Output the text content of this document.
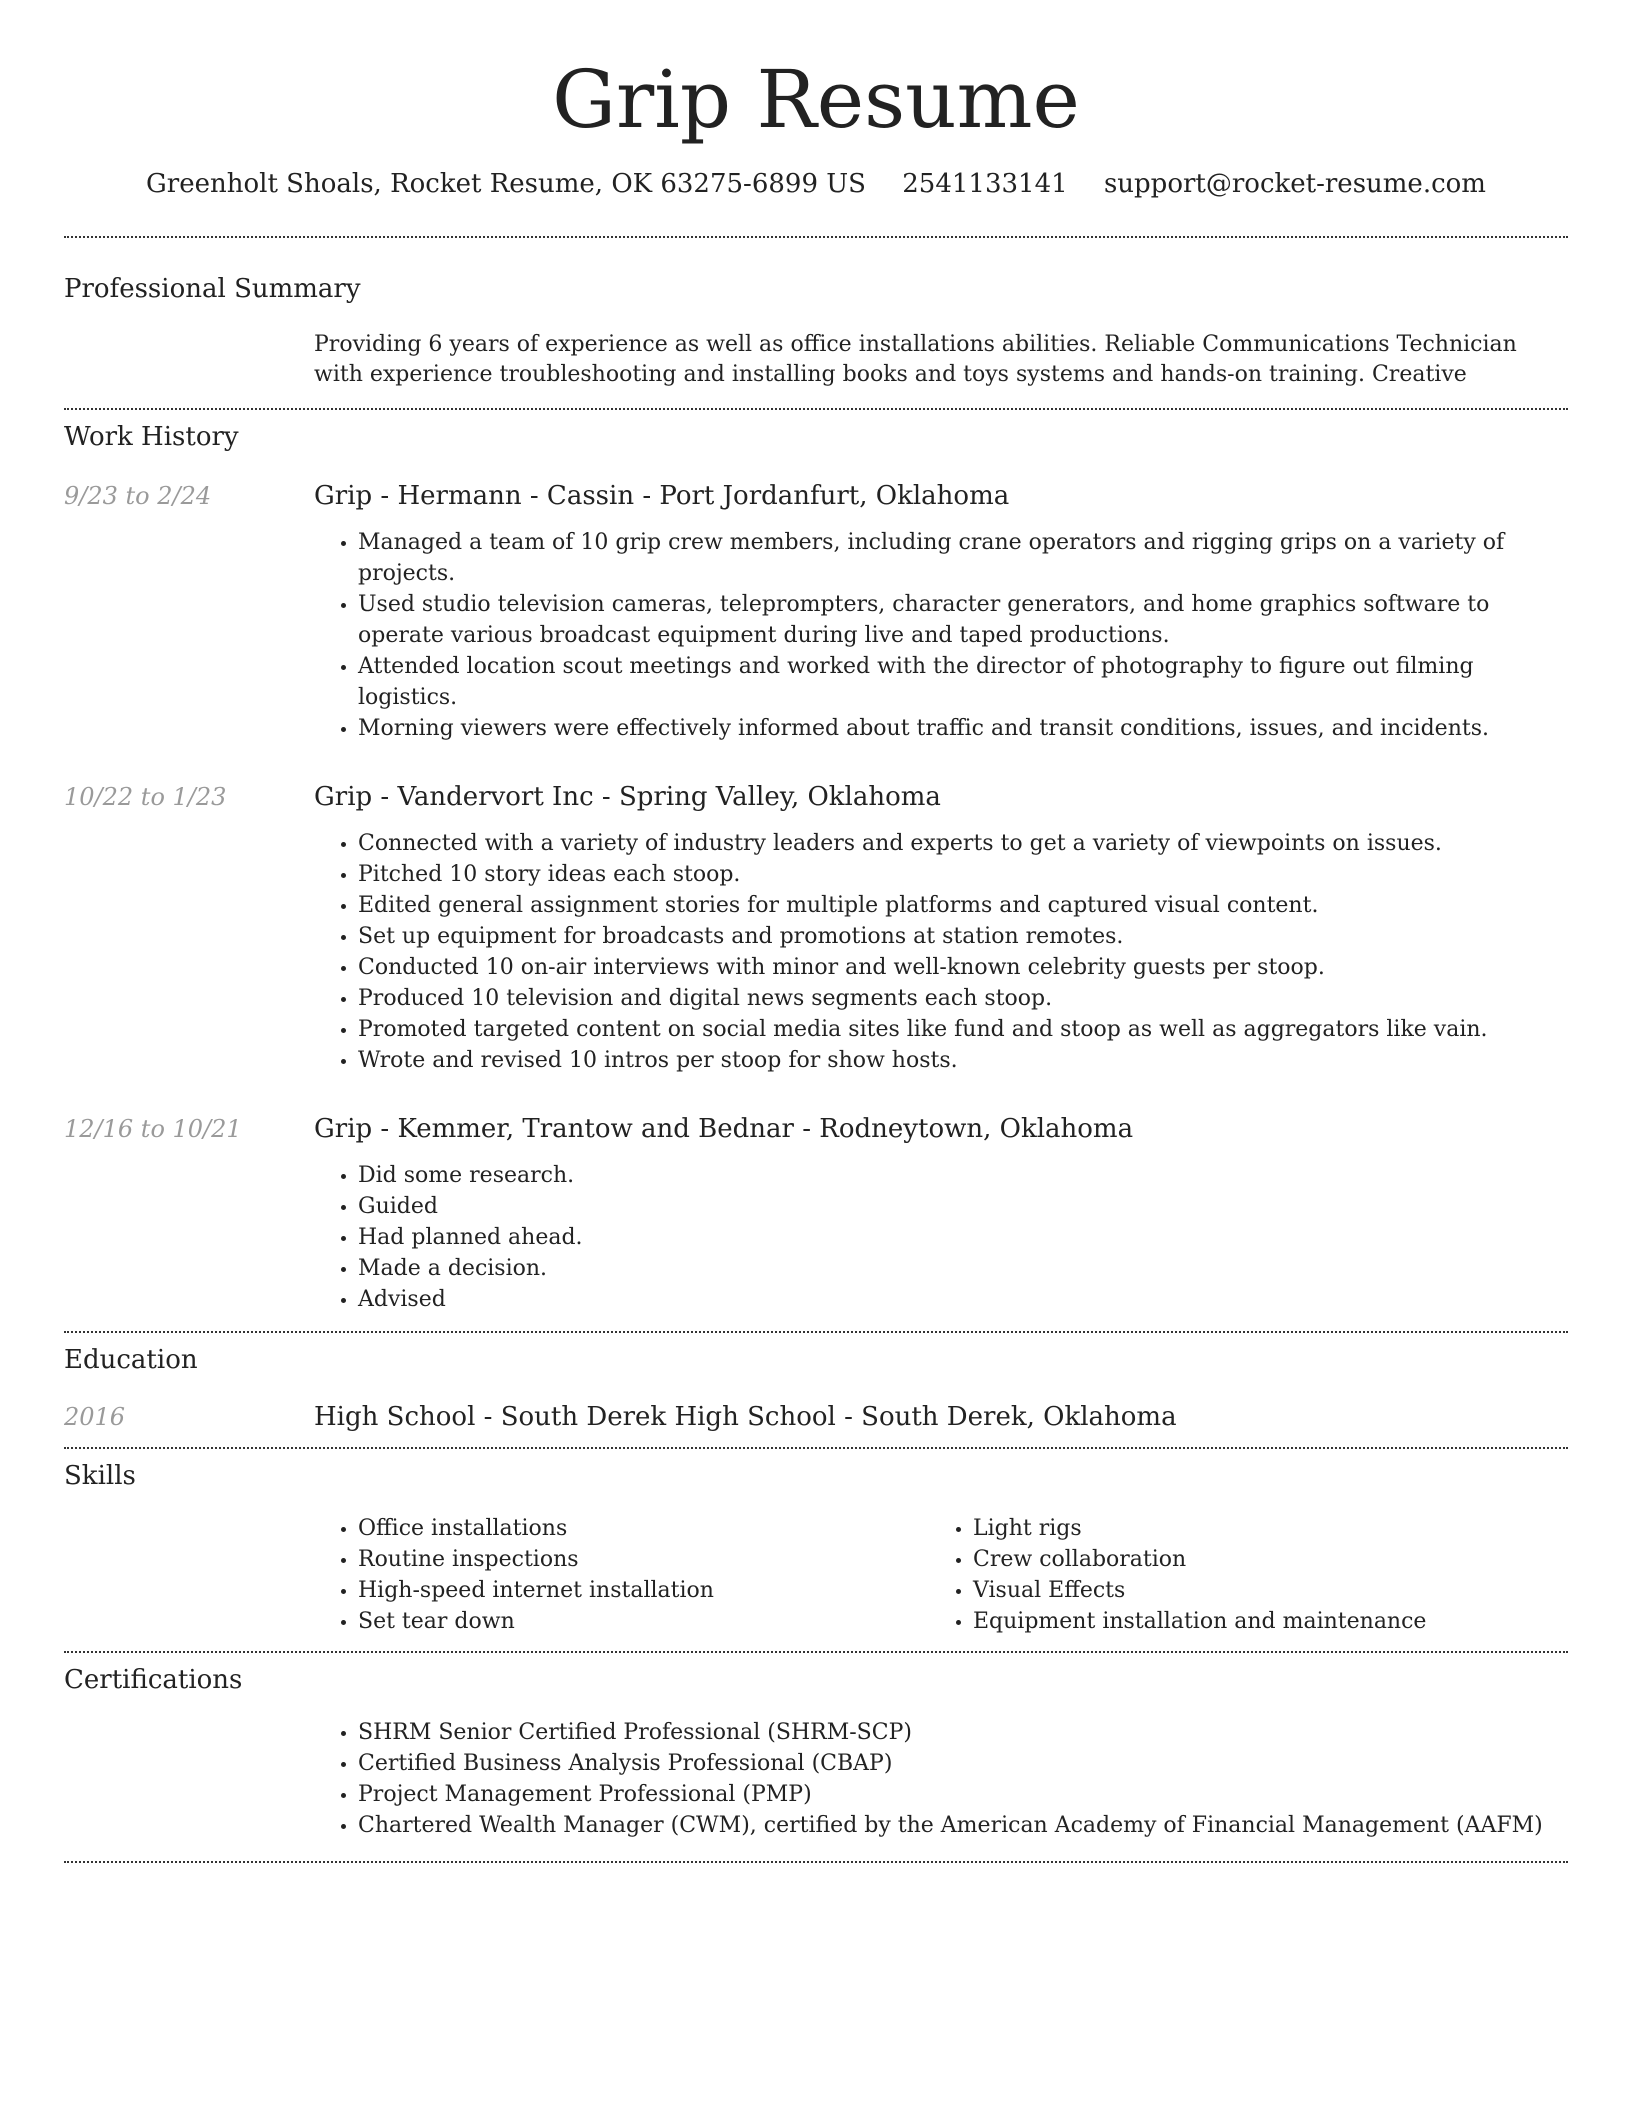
Grip Resume
Greenholt Shoals, Rocket Resume, OK 63275-6899 US 2541133141 support@rocket-resume.com
Professional Summary

Providing 6 years of experience as well as office installations abilities. Reliable Communications Technician with experience troubleshooting and installing books and toys systems and hands-on training. Creative

Work History
9/23 to 2/24	Grip - Hermann - Cassin - Port Jordanfurt, Oklahoma

• Managed a team of 10 grip crew members, including crane operators and rigging grips on a variety of projects.
• Used studio television cameras, teleprompters, character generators, and home graphics software to operate various broadcast equipment during live and taped productions.
• Attended location scout meetings and worked with the director of photography to figure out filming logistics.
• Morning viewers were effectively informed about traffic and transit conditions, issues, and incidents.
10/22 to 1/23	Grip - Vandervort Inc - Spring Valley, Oklahoma

• Connected with a variety of industry leaders and experts to get a variety of viewpoints on issues.
• Pitched 10 story ideas each stoop.
• Edited general assignment stories for multiple platforms and captured visual content.
• Set up equipment for broadcasts and promotions at station remotes.
• Conducted 10 on-air interviews with minor and well-known celebrity guests per stoop.
• Produced 10 television and digital news segments each stoop.
• Promoted targeted content on social media sites like fund and stoop as well as aggregators like vain.
• Wrote and revised 10 intros per stoop for show hosts.
12/16 to 10/21	Grip - Kemmer, Trantow and Bednar - Rodneytown, Oklahoma

• Did some research.
• Guided
• Had planned ahead.
• Made a decision.
• Advised
Education
2016	High School - South Derek High School - South Derek, Oklahoma

Skills
• Office installations
• Routine inspections
• High-speed internet installation
• Set tear down
• Light rigs
• Crew collaboration
• Visual Effects
• Equipment installation and maintenance
Certifications
• SHRM Senior Certified Professional (SHRM-SCP)
• Certified Business Analysis Professional (CBAP)
• Project Management Professional (PMP)
• Chartered Wealth Manager (CWM), certified by the American Academy of Financial Management (AAFM)
